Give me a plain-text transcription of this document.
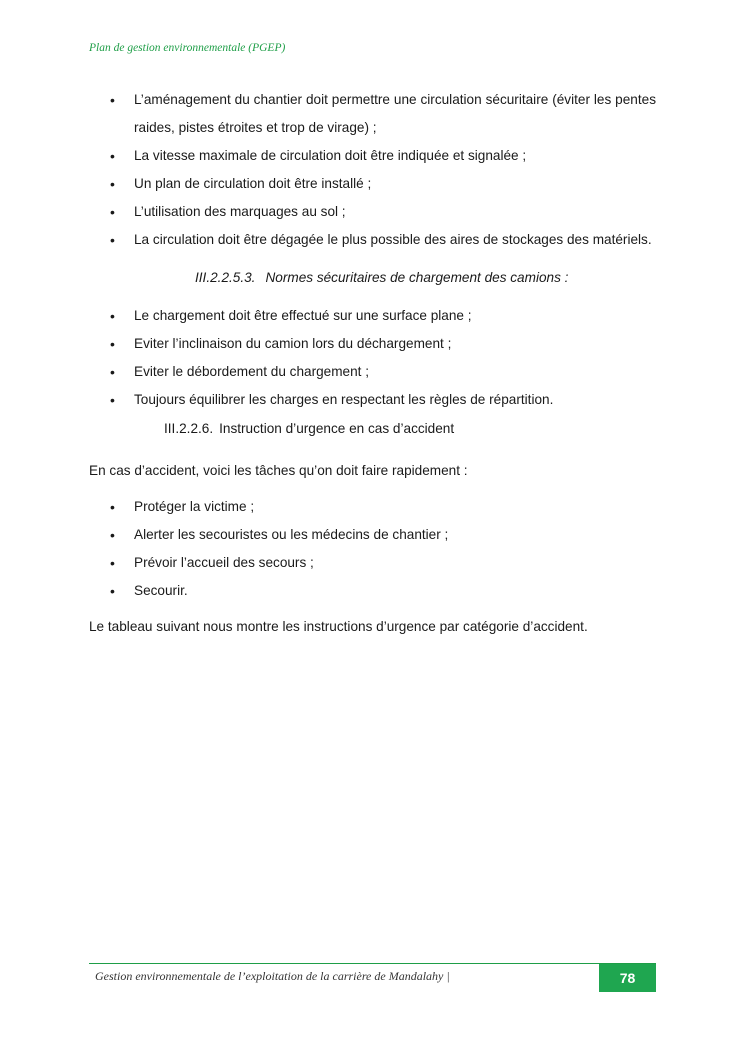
Plan de gestion environnementale (PGEP)
• L’aménagement du chantier doit permettre une circulation sécuritaire (éviter les pentes raides, pistes étroites et trop de virage) ;
• La vitesse maximale de circulation doit être indiquée et signalée ;
• Un plan de circulation doit être installé ;
• L’utilisation des marquages au sol ;
• La circulation doit être dégagée le plus possible des aires de stockages des matériels.
III.2.2.5.3. Normes sécuritaires de chargement des camions :
• Le chargement doit être effectué sur une surface plane ;
• Eviter l’inclinaison du camion lors du déchargement ;
• Eviter le débordement du chargement ;
• Toujours équilibrer les charges en respectant les règles de répartition.
III.2.2.6. Instruction d’urgence en cas d’accident

En cas d’accident, voici les tâches qu’on doit faire rapidement :

• Protéger la victime ;
• Alerter les secouristes ou les médecins de chantier ;
• Prévoir l’accueil des secours ;
• Secourir.

Le tableau suivant nous montre les instructions d’urgence par catégorie d’accident.

Gestion environnementale de l’exploitation de la carrière de Mandalahy |	78
